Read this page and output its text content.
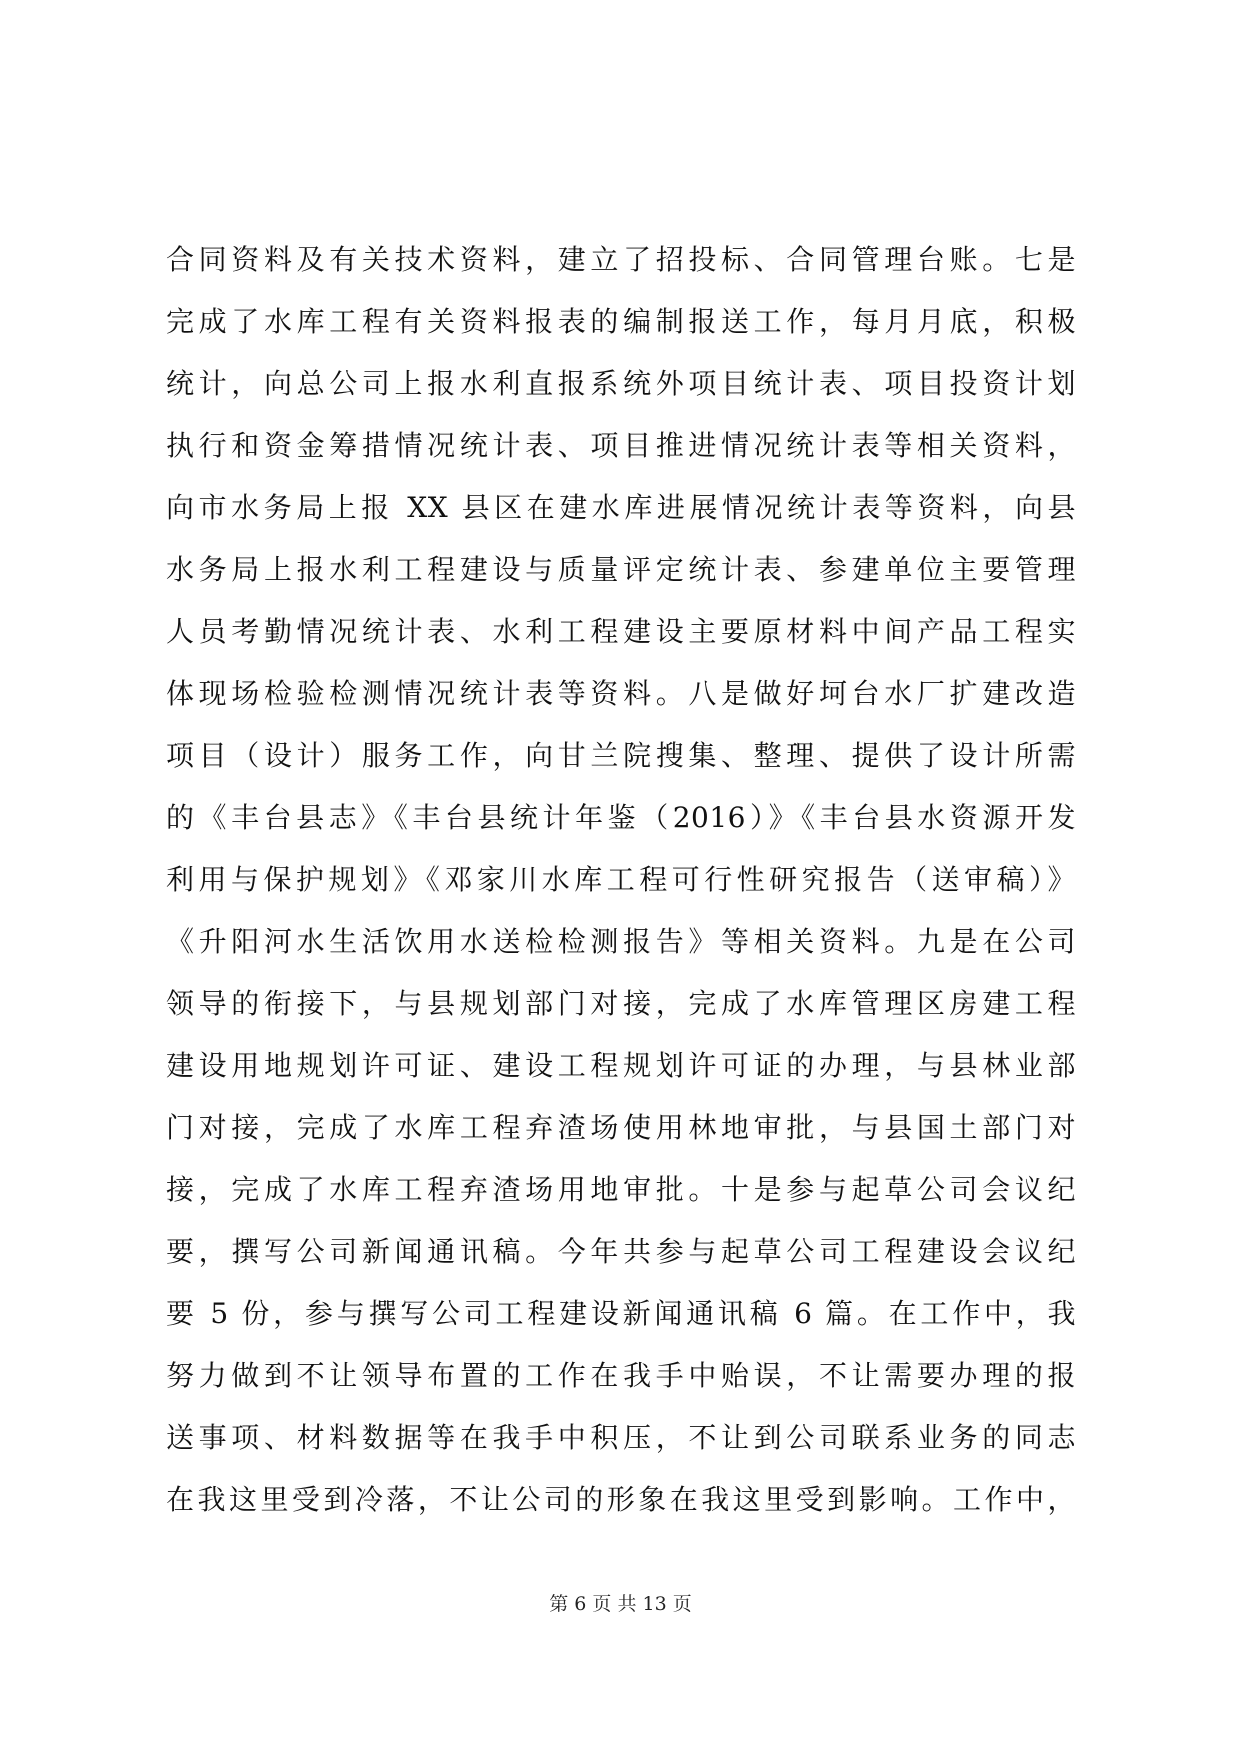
合同资料及有关技术资料，建立了招投标、合同管理台账。七是
完成了水库工程有关资料报表的编制报送工作，每月月底，积极
统计，向总公司上报水利直报系统外项目统计表、项目投资计划
执行和资金筹措情况统计表、项目推进情况统计表等相关资料，
向市水务局上报 XX 县区在建水库进展情况统计表等资料，向县
水务局上报水利工程建设与质量评定统计表、参建单位主要管理
人员考勤情况统计表、水利工程建设主要原材料中间产品工程实
体现场检验检测情况统计表等资料。八是做好坷台水厂扩建改造
项目（设计）服务工作，向甘兰院搜集、整理、提供了设计所需
的《丰台县志》《丰台县统计年鉴（2016）》《丰台县水资源开发
利用与保护规划》《邓家川水库工程可行性研究报告（送审稿）》
《升阳河水生活饮用水送检检测报告》等相关资料。九是在公司
领导的衔接下，与县规划部门对接，完成了水库管理区房建工程
建设用地规划许可证、建设工程规划许可证的办理，与县林业部
门对接，完成了水库工程弃渣场使用林地审批，与县国土部门对
接，完成了水库工程弃渣场用地审批。十是参与起草公司会议纪
要，撰写公司新闻通讯稿。今年共参与起草公司工程建设会议纪
要 5 份，参与撰写公司工程建设新闻通讯稿 6 篇。在工作中，我
努力做到不让领导布置的工作在我手中贻误，不让需要办理的报
送事项、材料数据等在我手中积压，不让到公司联系业务的同志
在我这里受到冷落，不让公司的形象在我这里受到影响。工作中，
第 6 页 共 13 页
